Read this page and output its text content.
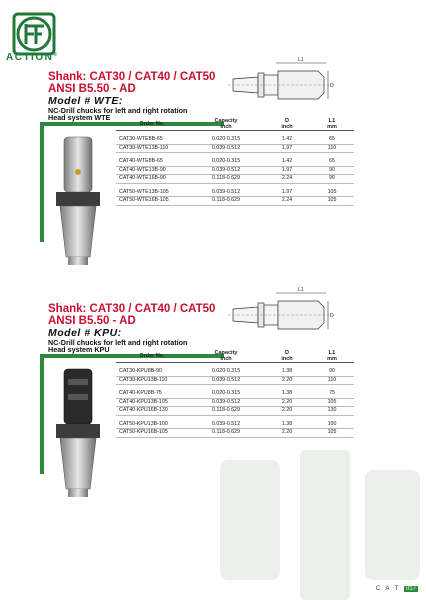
ACTION®
Shank: CAT30 / CAT40 / CAT50
ANSI B5.50 - AD
Model # WTE:
NC-Drill chucks for left and right rotation
Head system WTE
L1
D
Order No.	Capacity	D	L1
	inch	inch	mm

CAT30-WTE8B-65	0.020-0.315	1.42	65
CAT30-WTE13B-110	0.039-0.512	1.97	110

CAT40-WTE8B-65	0.020-0.315	1.42	65
CAT40-WTE13B-90	0.039-0.512	1.97	90
CAT40-WTE16B-90	0.118-0.629	2.24	90

CAT50-WTE13B-105	0.039-0.512	1.97	105
CAT50-WTE16B-105	0.118-0.629	2.24	105
Shank: CAT30 / CAT40 / CAT50
ANSI B5.50 - AD
Model # KPU:
NC-Drill chucks for left and right rotation
Head system KPU
L1
D
Order No.	Capacity	D	L1
	inch	inch	mm

CAT30-KPU8B-90	0.020-0.315	1.38	90
CAT30-KPU13B-110	0.039-0.512	2.20	110

CAT40-KPU8B-75	0.020-0.315	1.38	75
CAT40-KPU13B-105	0.039-0.512	2.20	105
CAT40-KPU16B-130	0.118-0.629	2.20	130

CAT50-KPU13B-100	0.039-0.512	1.38	100
CAT50-KPU16B-105	0.118-0.629	2.20	105
C A T 017
